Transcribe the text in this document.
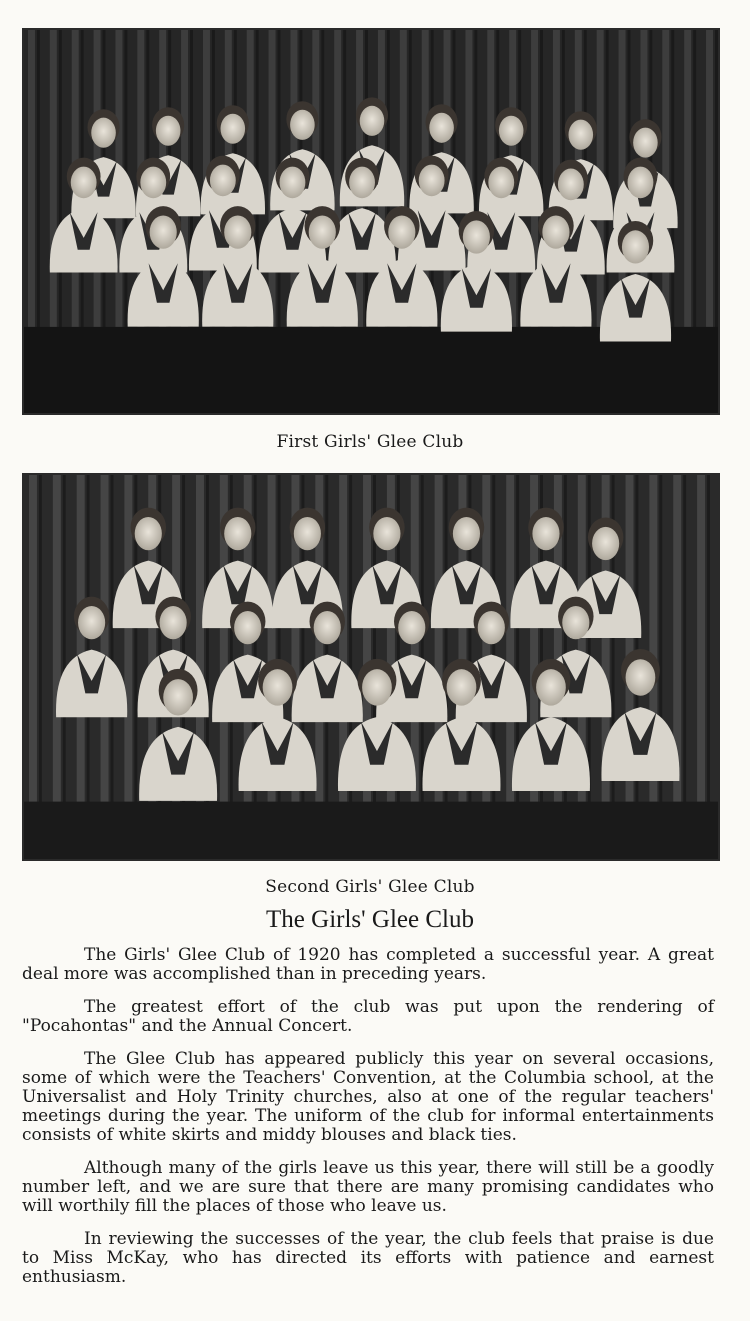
First Girls' Glee Club
Second Girls' Glee Club
The Girls' Glee Club

The Girls' Glee Club of 1920 has completed a successful year. A great deal more was accomplished than in preceding years.

The greatest effort of the club was put upon the rendering of "Pocahontas" and the Annual Concert.

The Glee Club has appeared publicly this year on several occasions, some of which were the Teachers' Convention, at the Columbia school, at the Universalist and Holy Trinity churches, also at one of the regular teachers' meetings during the year. The uniform of the club for informal entertainments consists of white skirts and middy blouses and black ties.

Although many of the girls leave us this year, there will still be a goodly number left, and we are sure that there are many promising candidates who will worthily fill the places of those who leave us.

In reviewing the successes of the year, the club feels that praise is due to Miss McKay, who has directed its efforts with patience and earnest enthusiasm.
